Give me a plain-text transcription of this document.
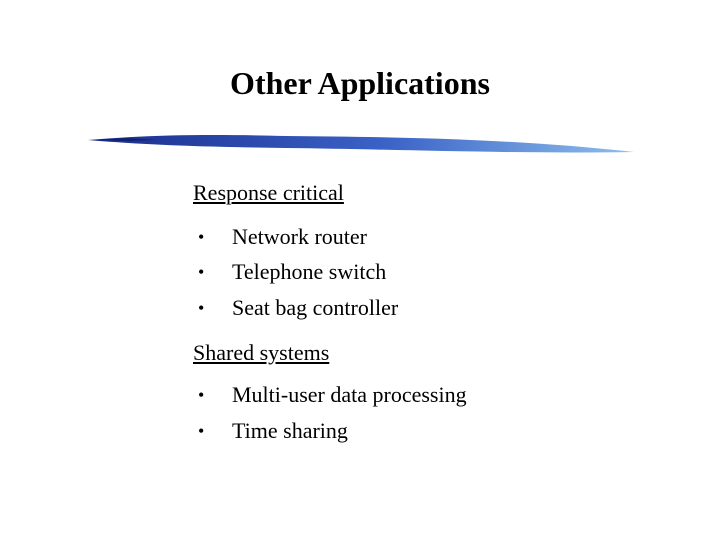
Other Applications
Response critical
• Network router
• Telephone switch
• Seat bag controller
Shared systems
• Multi-user data processing
• Time sharing
